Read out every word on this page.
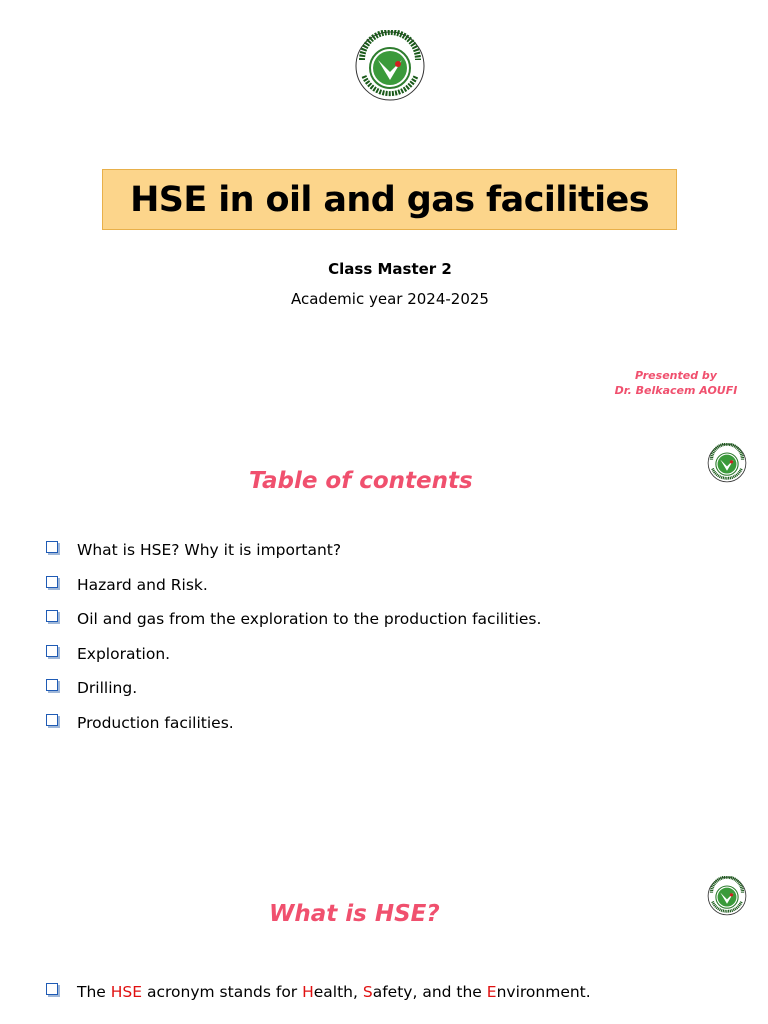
HSE in oil and gas facilities
Class Master 2
Academic year 2024-2025
Presented by
Dr. Belkacem AOUFI
Table of contents
What is HSE? Why it is important?
Hazard and Risk.
Oil and gas from the exploration to the production facilities.
Exploration.
Drilling.
Production facilities.
What is HSE?
The HSE acronym stands for Health, Safety, and the Environment.
